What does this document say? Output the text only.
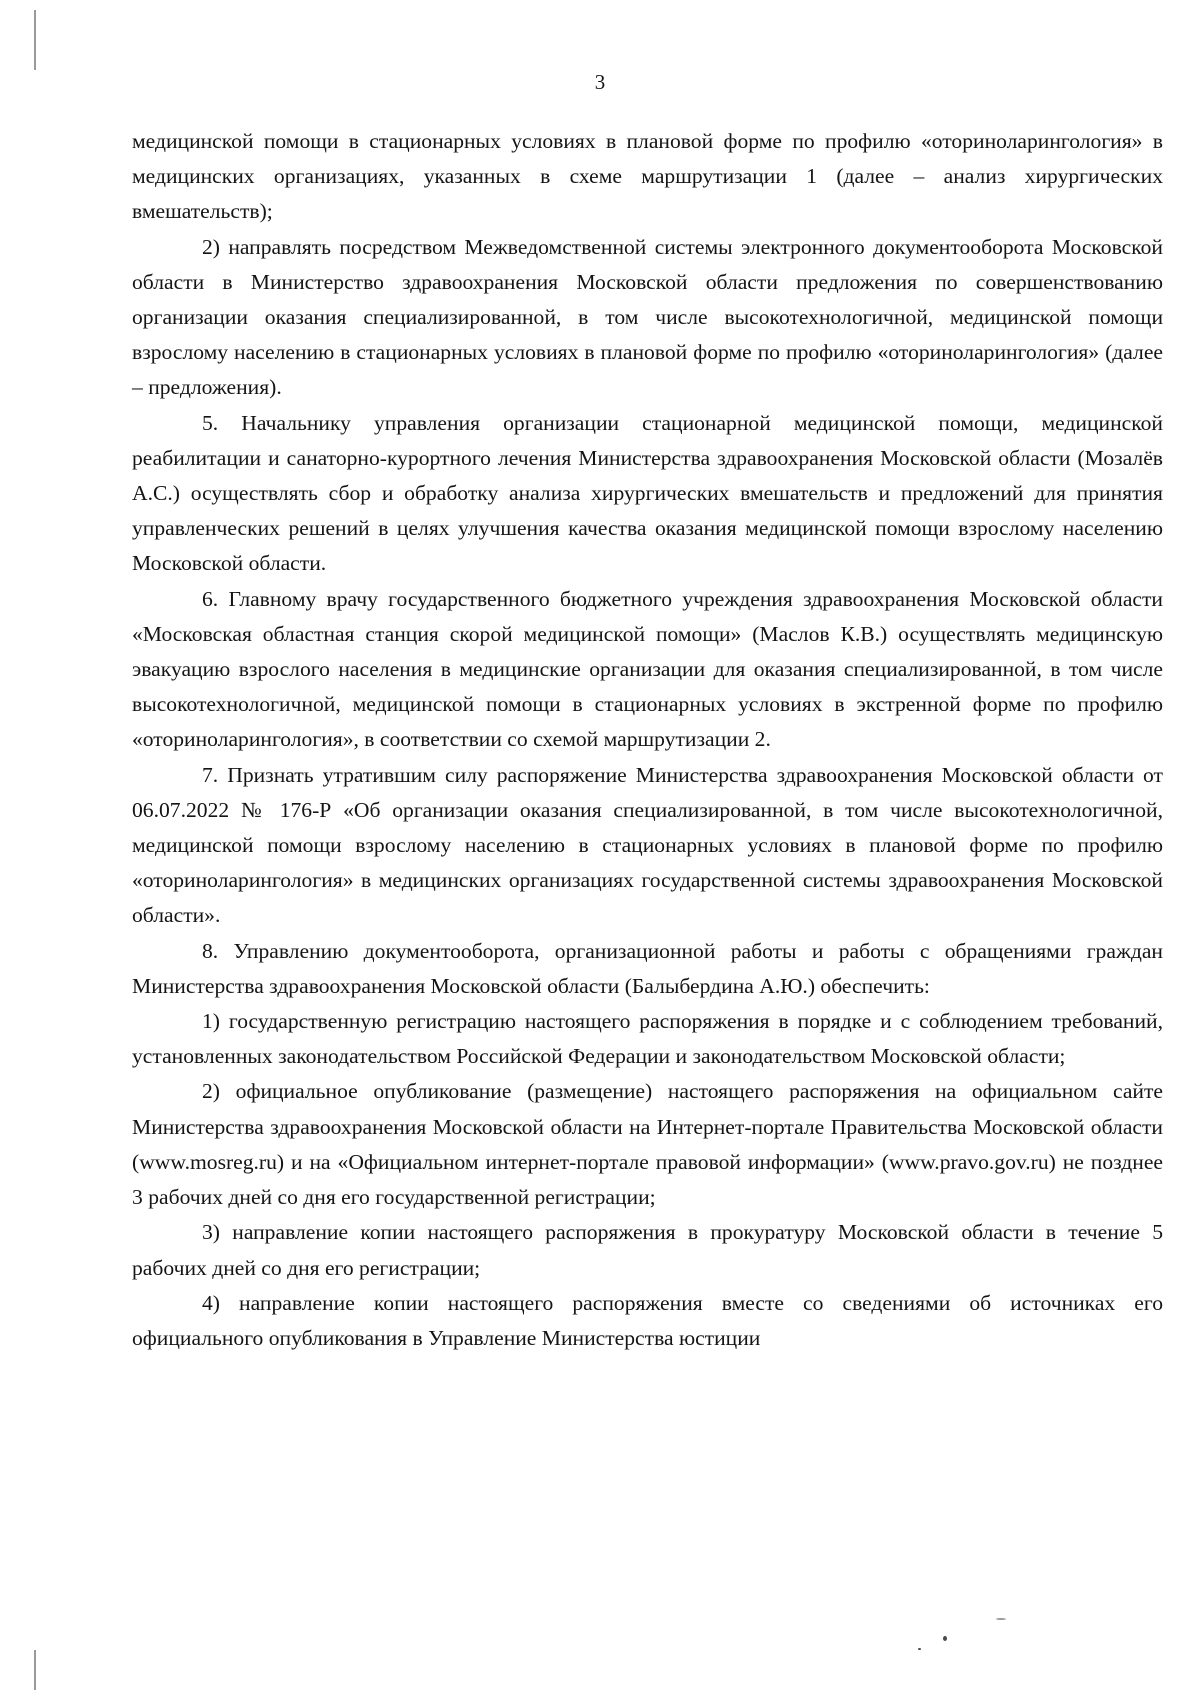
3

медицинской помощи в стационарных условиях в плановой форме по профилю «оториноларингология» в медицинских организациях, указанных в схеме маршрутизации 1 (далее – анализ хирургических вмешательств);

2) направлять посредством Межведомственной системы электронного документооборота Московской области в Министерство здравоохранения Московской области предложения по совершенствованию организации оказания специализированной, в том числе высокотехнологичной, медицинской помощи взрослому населению в стационарных условиях в плановой форме по профилю «оториноларингология» (далее – предложения).

5. Начальнику управления организации стационарной медицинской помощи, медицинской реабилитации и санаторно-курортного лечения Министерства здравоохранения Московской области (Мозалёв А.С.) осуществлять сбор и обработку анализа хирургических вмешательств и предложений для принятия управленческих решений в целях улучшения качества оказания медицинской помощи взрослому населению Московской области.

6. Главному врачу государственного бюджетного учреждения здравоохранения Московской области «Московская областная станция скорой медицинской помощи» (Маслов К.В.) осуществлять медицинскую эвакуацию взрослого населения в медицинские организации для оказания специализированной, в том числе высокотехнологичной, медицинской помощи в стационарных условиях в экстренной форме по профилю «оториноларингология», в соответствии со схемой маршрутизации 2.

7. Признать утратившим силу распоряжение Министерства здравоохранения Московской области от 06.07.2022 № 176-Р «Об организации оказания специализированной, в том числе высокотехнологичной, медицинской помощи взрослому населению в стационарных условиях в плановой форме по профилю «оториноларингология» в медицинских организациях государственной системы здравоохранения Московской области».

8. Управлению документооборота, организационной работы и работы с обращениями граждан Министерства здравоохранения Московской области (Балыбердина А.Ю.) обеспечить:

1) государственную регистрацию настоящего распоряжения в порядке и с соблюдением требований, установленных законодательством Российской Федерации и законодательством Московской области;

2) официальное опубликование (размещение) настоящего распоряжения на официальном сайте Министерства здравоохранения Московской области на Интернет-портале Правительства Московской области (www.mosreg.ru) и на «Официальном интернет-портале правовой информации» (www.pravo.gov.ru) не позднее 3 рабочих дней со дня его государственной регистрации;

3) направление копии настоящего распоряжения в прокуратуру Московской области в течение 5 рабочих дней со дня его регистрации;

4) направление копии настоящего распоряжения вместе со сведениями об источниках его официального опубликования в Управление Министерства юстиции
